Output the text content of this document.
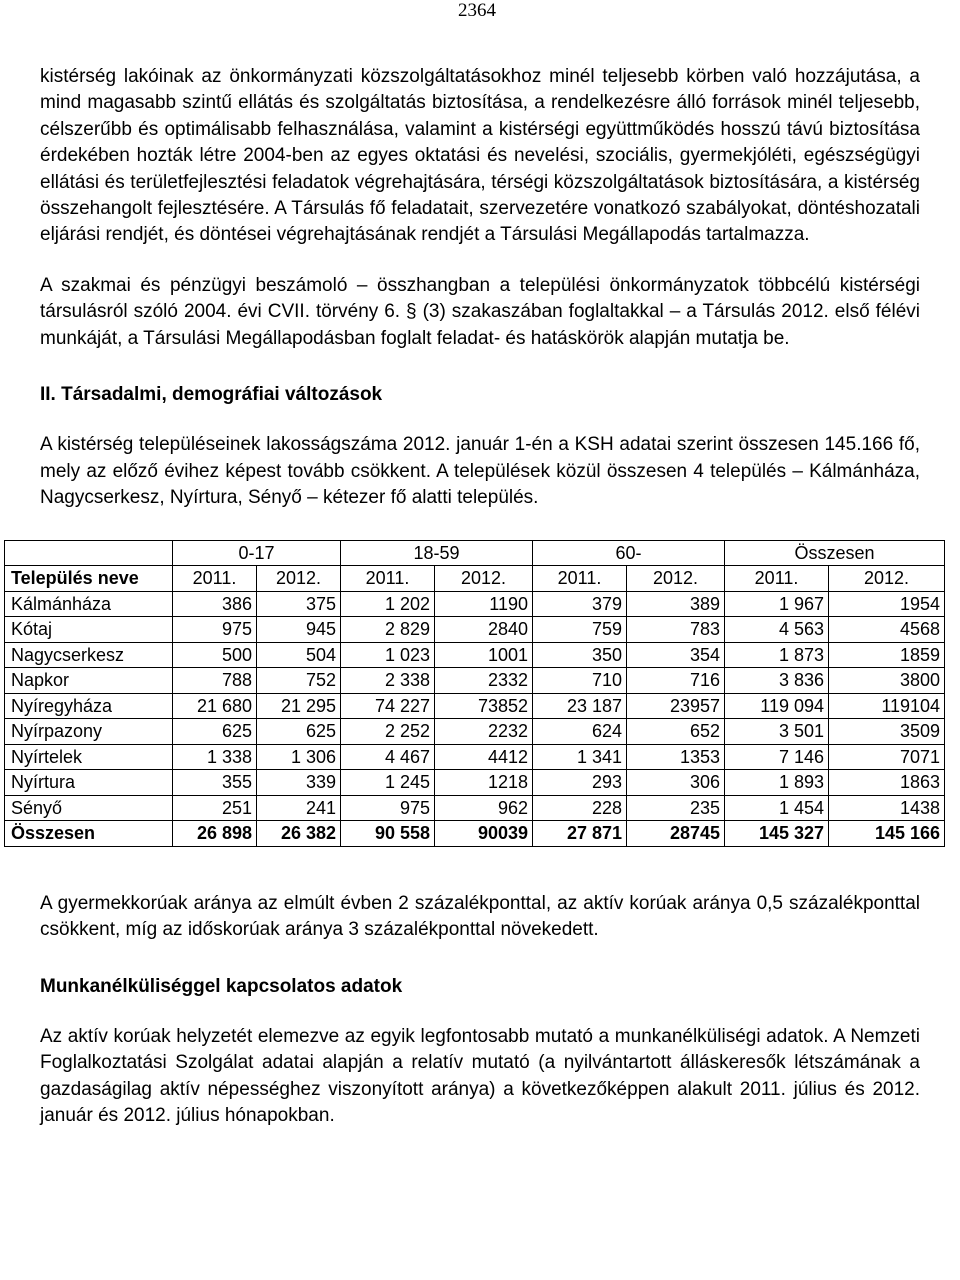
2364

kistérség lakóinak az önkormányzati közszolgáltatásokhoz minél teljesebb körben való hozzájutása, a mind magasabb szintű ellátás és szolgáltatás biztosítása, a rendelkezésre álló források minél teljesebb, célszerűbb és optimálisabb felhasználása, valamint a kistérségi együttműködés hosszú távú biztosítása érdekében hozták létre 2004-ben az egyes oktatási és nevelési, szociális, gyermekjóléti, egészségügyi ellátási és területfejlesztési feladatok végrehajtására, térségi közszolgáltatások biztosítására, a kistérség összehangolt fejlesztésére. A Társulás fő feladatait, szervezetére vonatkozó szabályokat, döntéshozatali eljárási rendjét, és döntései végrehajtásának rendjét a Társulási Megállapodás tartalmazza.

A szakmai és pénzügyi beszámoló – összhangban a települési önkormányzatok többcélú kistérségi társulásról szóló 2004. évi CVII. törvény 6. § (3) szakaszában foglaltakkal – a Társulás 2012. első félévi munkáját, a Társulási Megállapodásban foglalt feladat- és hatáskörök alapján mutatja be.

II. Társadalmi, demográfiai változások

A kistérség településeinek lakosságszáma 2012. január 1-én a KSH adatai szerint összesen 145.166 fő, mely az előző évihez képest tovább csökkent. A települések közül összesen 4 település – Kálmánháza, Nagycserkesz, Nyírtura, Sényő – kétezer fő alatti település.

	0-17		18-59		60-		Összesen	
Település neve	2011.	2012.	2011.	2012.	2011.	2012.	2011.	2012.
Kálmánháza	386	375	1 202	1190	379	389	1 967	1954
Kótaj	975	945	2 829	2840	759	783	4 563	4568
Nagycserkesz	500	504	1 023	1001	350	354	1 873	1859
Napkor	788	752	2 338	2332	710	716	3 836	3800
Nyíregyháza	21 680	21 295	74 227	73852	23 187	23957	119 094	119104
Nyírpazony	625	625	2 252	2232	624	652	3 501	3509
Nyírtelek	1 338	1 306	4 467	4412	1 341	1353	7 146	7071
Nyírtura	355	339	1 245	1218	293	306	1 893	1863
Sényő	251	241	975	962	228	235	1 454	1438
Összesen	26 898	26 382	90 558	90039	27 871	28745	145 327	145 166

A gyermekkorúak aránya az elmúlt évben 2 százalékponttal, az aktív korúak aránya 0,5 százalékponttal csökkent, míg az időskorúak aránya 3 százalékponttal növekedett.

Munkanélküliséggel kapcsolatos adatok

Az aktív korúak helyzetét elemezve az egyik legfontosabb mutató a munkanélküliségi adatok. A Nemzeti Foglalkoztatási Szolgálat adatai alapján a relatív mutató (a nyilvántartott álláskeresők létszámának a gazdaságilag aktív népességhez viszonyított aránya) a következőképpen alakult 2011. július és 2012. január és 2012. július hónapokban.
